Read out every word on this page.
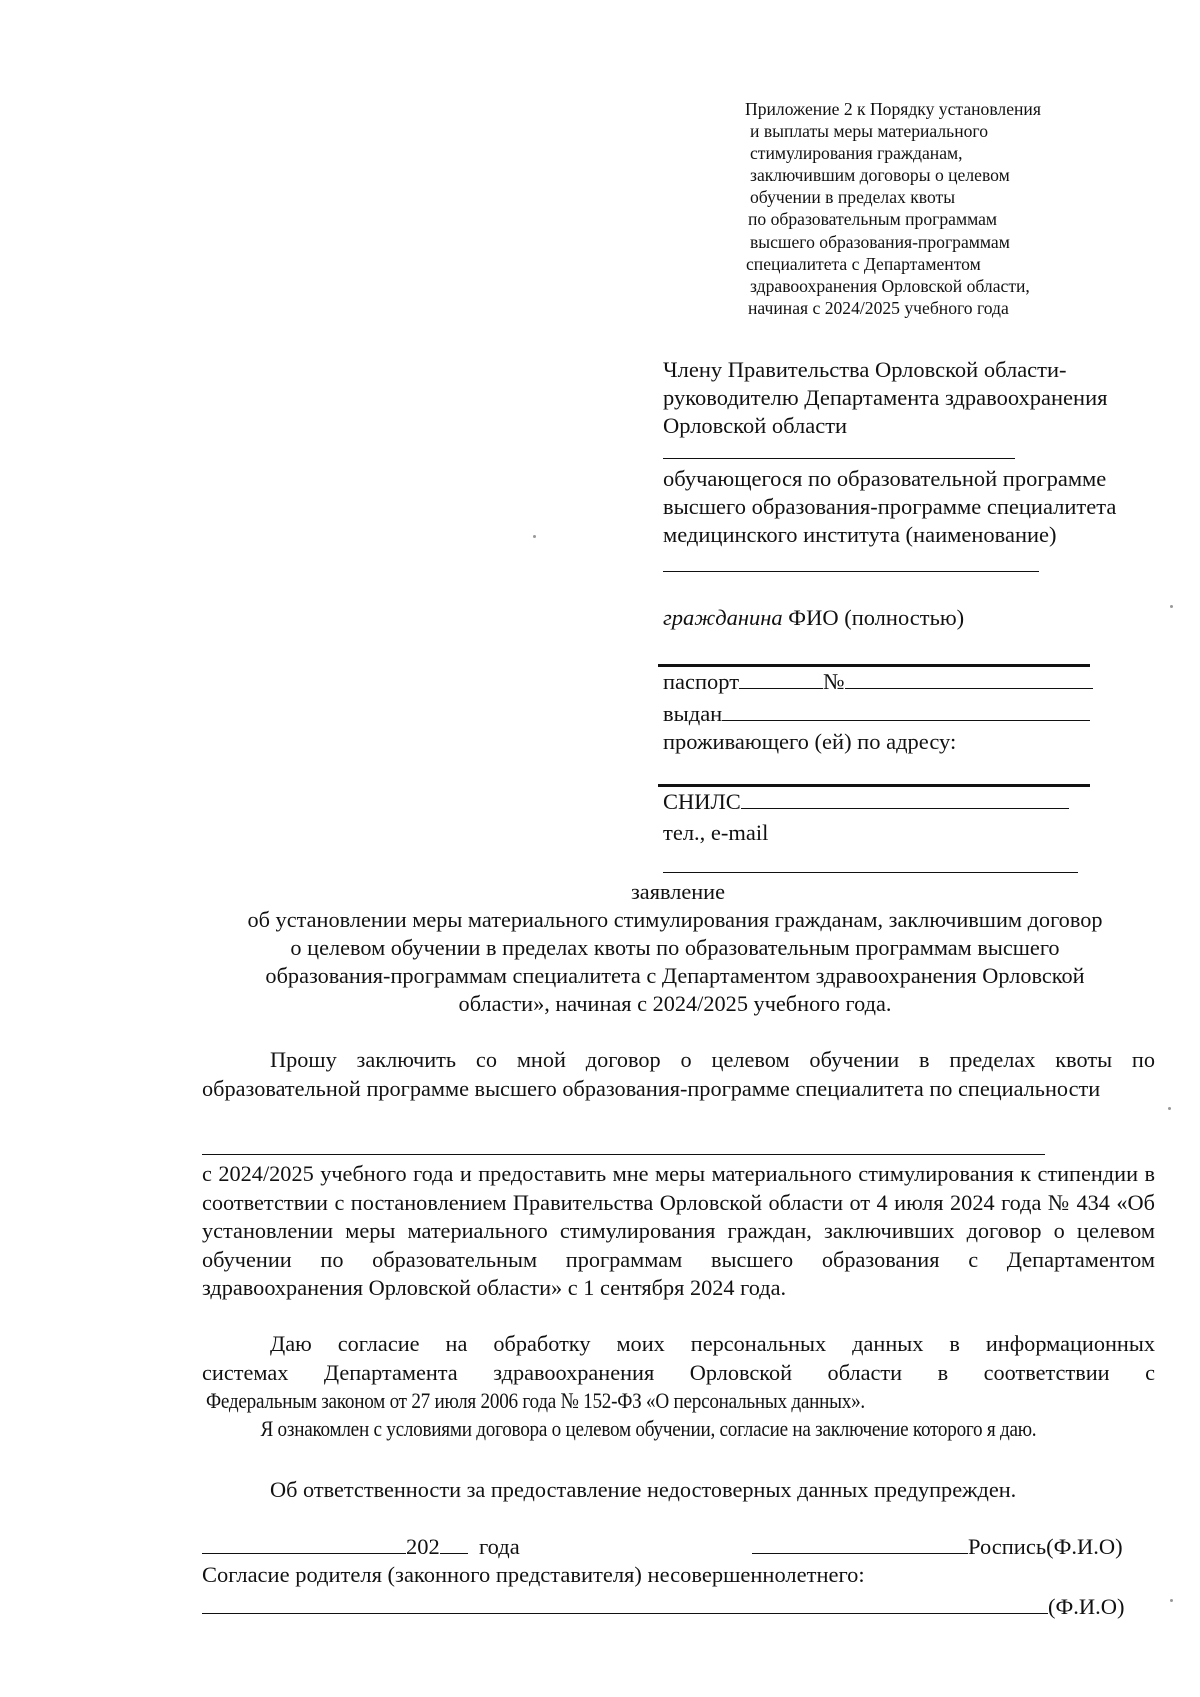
Приложение 2 к Порядку установления
и выплаты меры материального
стимулирования гражданам,
заключившим договоры о целевом
обучении в пределах квоты
по образовательным программам
высшего образования-программам
специалитета с Департаментом
здравоохранения Орловской области,
начиная с 2024/2025 учебного года
Члену Правительства Орловской области-
руководителю Департамента здравоохранения
Орловской области
обучающегося по образовательной программе
высшего образования-программе специалитета
медицинского института (наименование)
гражданина ФИО (полностью)
паспорт	№
выдан
проживающего (ей) по адресу:
СНИЛС
тел., e-mail
заявление
об установлении меры материального стимулирования гражданам, заключившим договор
о целевом обучении в пределах квоты по образовательным программам высшего
образования-программам специалитета с Департаментом здравоохранения Орловской
области», начиная с 2024/2025 учебного года.
Прошу заключить со мной договор о целевом обучении в пределах квоты по образовательной программе высшего образования-программе специалитета по специальности
с 2024/2025 учебного года и предоставить мне меры материального стимулирования к стипендии в соответствии с постановлением Правительства Орловской области от 4 июля 2024 года № 434 «Об установлении меры материального стимулирования граждан, заключивших договор о целевом обучении по образовательным программам высшего образования с Департаментом здравоохранения Орловской области» с 1 сентября 2024 года.
Даю согласие на обработку моих персональных данных в информационных
системах Департамента здравоохранения Орловской области в соответствии с
Федеральным законом от 27 июля 2006 года № 152-ФЗ «О персональных данных».
Я ознакомлен с условиями договора о целевом обучении, согласие на заключение которого я даю.
Об ответственности за предоставление недостоверных данных предупрежден.
202 года	Роспись(Ф.И.О)
Согласие родителя (законного представителя) несовершеннолетнего:
(Ф.И.О)
